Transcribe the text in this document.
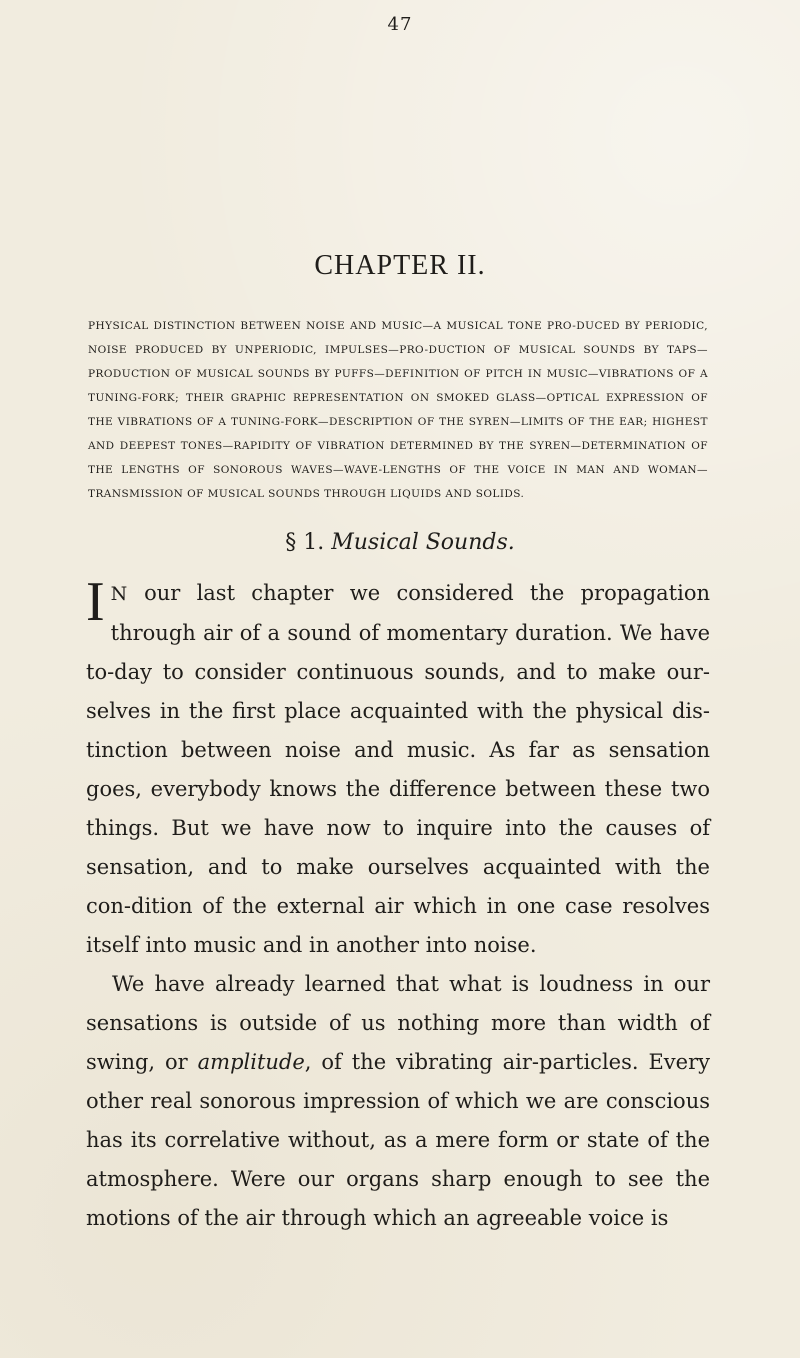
47
CHAPTER II.
PHYSICAL DISTINCTION BETWEEN NOISE AND MUSIC—A MUSICAL TONE PRO-DUCED BY PERIODIC, NOISE PRODUCED BY UNPERIODIC, IMPULSES—PRO-DUCTION OF MUSICAL SOUNDS BY TAPS—PRODUCTION OF MUSICAL SOUNDS BY PUFFS—DEFINITION OF PITCH IN MUSIC—VIBRATIONS OF A TUNING-FORK; THEIR GRAPHIC REPRESENTATION ON SMOKED GLASS—OPTICAL EXPRESSION OF THE VIBRATIONS OF A TUNING-FORK—DESCRIPTION OF THE SYREN—LIMITS OF THE EAR; HIGHEST AND DEEPEST TONES—RAPIDITY OF VIBRATION DETERMINED BY THE SYREN—DETERMINATION OF THE LENGTHS OF SONOROUS WAVES—WAVE-LENGTHS OF THE VOICE IN MAN AND WOMAN—TRANSMISSION OF MUSICAL SOUNDS THROUGH LIQUIDS AND SOLIDS.
§ 1. Musical Sounds.

I N our last chapter we considered the propagation through air of a sound of momentary duration. We have to-day to consider continuous sounds, and to make our-selves in the first place acquainted with the physical dis-tinction between noise and music. As far as sensation goes, everybody knows the difference between these two things. But we have now to inquire into the causes of sensation, and to make ourselves acquainted with the con-dition of the external air which in one case resolves itself into music and in another into noise.

We have already learned that what is loudness in our sensations is outside of us nothing more than width of swing, or amplitude, of the vibrating air-particles. Every other real sonorous impression of which we are conscious has its correlative without, as a mere form or state of the atmosphere. Were our organs sharp enough to see the motions of the air through which an agreeable voice is
